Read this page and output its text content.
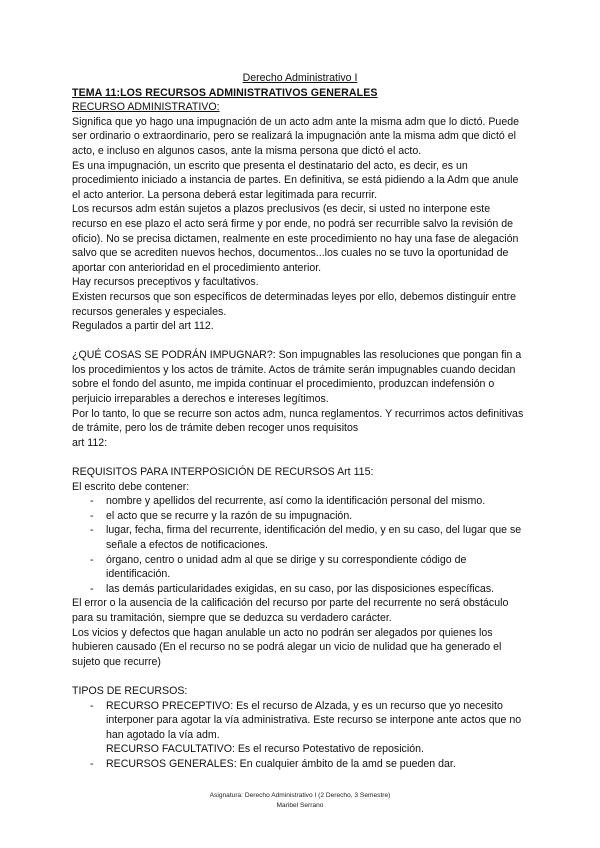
Derecho Administrativo I
TEMA 11:LOS RECURSOS ADMINISTRATIVOS GENERALES
RECURSO ADMINISTRATIVO:

Significa que yo hago una impugnación de un acto adm ante la misma adm que lo dictó. Puede ser ordinario o extraordinario, pero se realizará la impugnación ante la misma adm que dictó el acto, e incluso en algunos casos, ante la misma persona que dictó el acto.

Es una impugnación, un escrito que presenta el destinatario del acto, es decir, es un procedimiento iniciado a instancia de partes. En definitiva, se está pidiendo a la Adm que anule el acto anterior. La persona deberá estar legitimada para recurrir.

Los recursos adm están sujetos a plazos preclusivos (es decir, si usted no interpone este recurso en ese plazo el acto será firme y por ende, no podrá ser recurrible salvo la revisión de oficio). No se precisa dictamen, realmente en este procedimiento no hay una fase de alegación salvo que se acrediten nuevos hechos, documentos...los cuales no se tuvo la oportunidad de aportar con anterioridad en el procedimiento anterior.

Hay recursos preceptivos y facultativos.

Existen recursos que son específicos de determinadas leyes por ello, debemos distinguir entre recursos generales y especiales.

Regulados a partir del art 112.

¿QUÉ COSAS SE PODRÁN IMPUGNAR?: Son impugnables las resoluciones que pongan fin a los procedimientos y los actos de trámite. Actos de trámite serán impugnables cuando decidan sobre el fondo del asunto, me impida continuar el procedimiento, produzcan indefensión o perjuicio irreparables a derechos e intereses legítimos.

Por lo tanto, lo que se recurre son actos adm, nunca reglamentos. Y recurrimos actos definitivas de trámite, pero los de trámite deben recoger unos requisitos

art 112:

REQUISITOS PARA INTERPOSICIÓN DE RECURSOS Art 115:
El escrito debe contener:
- nombre y apellidos del recurrente, así como la identificación personal del mismo.
- el acto que se recurre y la razón de su impugnación.
- lugar, fecha, firma del recurrente, identificación del medio, y en su caso, del lugar que se señale a efectos de notificaciones.
- órgano, centro o unidad adm al que se dirige y su correspondiente código de identificación.
- las demás particularidades exigidas, en su caso, por las disposiciones específicas.

El error o la ausencia de la calificación del recurso por parte del recurrente no será obstáculo para su tramitación, siempre que se deduzca su verdadero carácter.

Los vicios y defectos que hagan anulable un acto no podrán ser alegados por quienes los hubieren causado (En el recurso no se podrá alegar un vicio de nulidad que ha generado el sujeto que recurre)

TIPOS DE RECURSOS:
- RECURSO PRECEPTIVO: Es el recurso de Alzada, y es un recurso que yo necesito interponer para agotar la vía administrativa. Este recurso se interpone ante actos que no han agotado la vía adm.
RECURSO FACULTATIVO: Es el recurso Potestativo de reposición.
- RECURSOS GENERALES: En cualquier ámbito de la amd se pueden dar.
Asignatura: Derecho Administrativo I (2 Derecho, 3 Semestre)
Maribel Serrano
